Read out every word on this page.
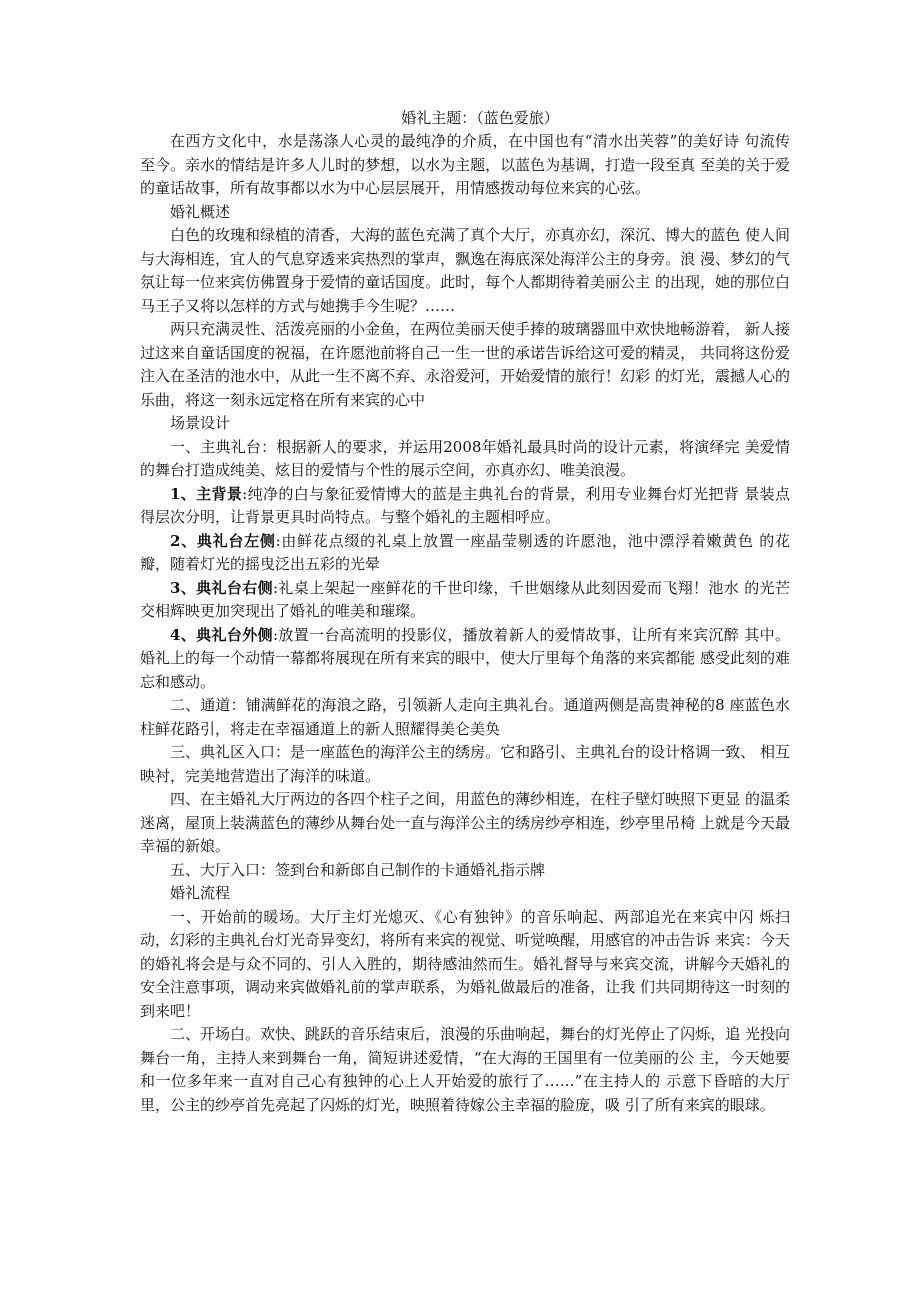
婚礼主题：（蓝色爱旅）

在西方文化中，水是荡涤人心灵的最纯净的介质，在中国也有“清水出芙蓉”的美好诗 句流传至今。亲水的情结是许多人儿时的梦想，以水为主题，以蓝色为基调，打造一段至真 至美的关于爱的童话故事，所有故事都以水为中心层层展开，用情感拨动每位来宾的心弦。

婚礼概述

白色的玫瑰和绿植的清香，大海的蓝色充满了真个大厅，亦真亦幻，深沉、博大的蓝色 使人间与大海相连，宜人的气息穿透来宾热烈的掌声，飘逸在海底深处海洋公主的身旁。浪 漫、梦幻的气氛让每一位来宾仿佛置身于爱情的童话国度。此时，每个人都期待着美丽公主 的出现，她的那位白马王子又将以怎样的方式与她携手今生呢？……

两只充满灵性、活泼亮丽的小金鱼，在两位美丽天使手捧的玻璃器皿中欢快地畅游着， 新人接过这来自童话国度的祝福，在许愿池前将自己一生一世的承诺告诉给这可爱的精灵， 共同将这份爱注入在圣洁的池水中，从此一生不离不弃、永浴爱河，开始爱情的旅行！幻彩 的灯光，震撼人心的乐曲，将这一刻永远定格在所有来宾的心中

场景设计

一、主典礼台：根据新人的要求，并运用2008年婚礼最具时尚的设计元素，将演绎完 美爱情的舞台打造成纯美、炫目的爱情与个性的展示空间，亦真亦幻、唯美浪漫。

1、主背景:纯净的白与象征爱情博大的蓝是主典礼台的背景，利用专业舞台灯光把背 景装点得层次分明，让背景更具时尚特点。与整个婚礼的主题相呼应。

2、典礼台左侧:由鲜花点缀的礼桌上放置一座晶莹剔透的许愿池，池中漂浮着嫩黄色 的花瓣，随着灯光的摇曳泛出五彩的光晕

3、典礼台右侧:礼桌上架起一座鲜花的千世印缘，千世姻缘从此刻因爱而飞翔！池水 的光芒交相辉映更加突现出了婚礼的唯美和璀璨。

4、典礼台外侧:放置一台高流明的投影仪，播放着新人的爱情故事，让所有来宾沉醉 其中。婚礼上的每一个动情一幕都将展现在所有来宾的眼中，使大厅里每个角落的来宾都能 感受此刻的难忘和感动。

二、通道：铺满鲜花的海浪之路，引领新人走向主典礼台。通道两侧是高贵神秘的8 座蓝色水柱鲜花路引，将走在幸福通道上的新人照耀得美仑美奂

三、典礼区入口：是一座蓝色的海洋公主的绣房。它和路引、主典礼台的设计格调一致、 相互映衬，完美地营造出了海洋的味道。

四、在主婚礼大厅两边的各四个柱子之间，用蓝色的薄纱相连，在柱子壁灯映照下更显 的温柔迷离，屋顶上装满蓝色的薄纱从舞台处一直与海洋公主的绣房纱亭相连，纱亭里吊椅 上就是今天最幸福的新娘。

五、大厅入口：签到台和新郎自己制作的卡通婚礼指示牌

婚礼流程

一、开始前的暖场。大厅主灯光熄灭、《心有独钟》的音乐响起、两部追光在来宾中闪 烁扫动，幻彩的主典礼台灯光奇异变幻，将所有来宾的视觉、听觉唤醒，用感官的冲击告诉 来宾：今天的婚礼将会是与众不同的、引人入胜的，期待感油然而生。婚礼督导与来宾交流，讲解今天婚礼的安全注意事项，调动来宾做婚礼前的掌声联系，为婚礼做最后的准备，让我 们共同期待这一时刻的到来吧！

二、开场白。欢快、跳跃的音乐结束后，浪漫的乐曲响起，舞台的灯光停止了闪烁，追 光投向舞台一角，主持人来到舞台一角，简短讲述爱情，“在大海的王国里有一位美丽的公 主，今天她要和一位多年来一直对自己心有独钟的心上人开始爱的旅行了……”在主持人的 示意下昏暗的大厅里，公主的纱亭首先亮起了闪烁的灯光，映照着待嫁公主幸福的脸庞，吸 引了所有来宾的眼球。
